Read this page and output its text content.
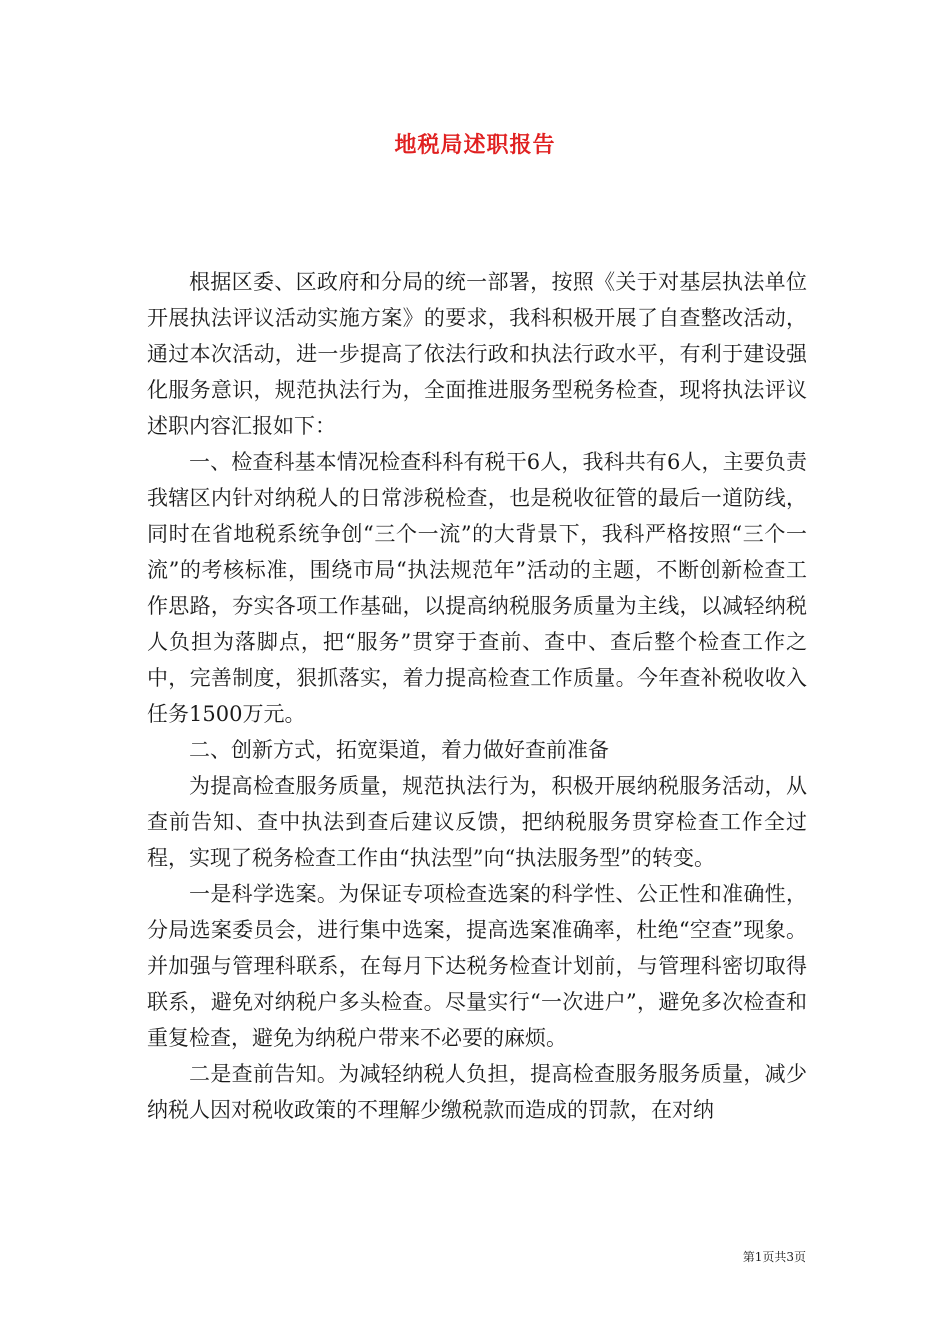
地税局述职报告

根据区委、区政府和分局的统一部署，按照《关于对基层执法单位开展执法评议活动实施方案》的要求，我科积极开展了自查整改活动，通过本次活动，进一步提高了依法行政和执法行政水平，有利于建设强化服务意识，规范执法行为，全面推进服务型税务检查，现将执法评议述职内容汇报如下：

一、检查科基本情况检查科科有税干6人，我科共有6人，主要负责我辖区内针对纳税人的日常涉税检查，也是税收征管的最后一道防线，同时在省地税系统争创“三个一流”的大背景下，我科严格按照“三个一流”的考核标准，围绕市局“执法规范年”活动的主题，不断创新检查工作思路，夯实各项工作基础，以提高纳税服务质量为主线，以减轻纳税人负担为落脚点，把“服务”贯穿于查前、查中、查后整个检查工作之中，完善制度，狠抓落实，着力提高检查工作质量。今年查补税收收入任务1500万元。

二、创新方式，拓宽渠道，着力做好查前准备

为提高检查服务质量，规范执法行为，积极开展纳税服务活动，从查前告知、查中执法到查后建议反馈，把纳税服务贯穿检查工作全过程，实现了税务检查工作由“执法型”向“执法服务型”的转变。

一是科学选案。为保证专项检查选案的科学性、公正性和准确性，分局选案委员会，进行集中选案，提高选案准确率，杜绝“空查”现象。并加强与管理科联系，在每月下达税务检查计划前，与管理科密切取得联系，避免对纳税户多头检查。尽量实行“一次进户”，避免多次检查和重复检查，避免为纳税户带来不必要的麻烦。

二是查前告知。为减轻纳税人负担，提高检查服务服务质量，减少纳税人因对税收政策的不理解少缴税款而造成的罚款，在对纳

第1页共3页
